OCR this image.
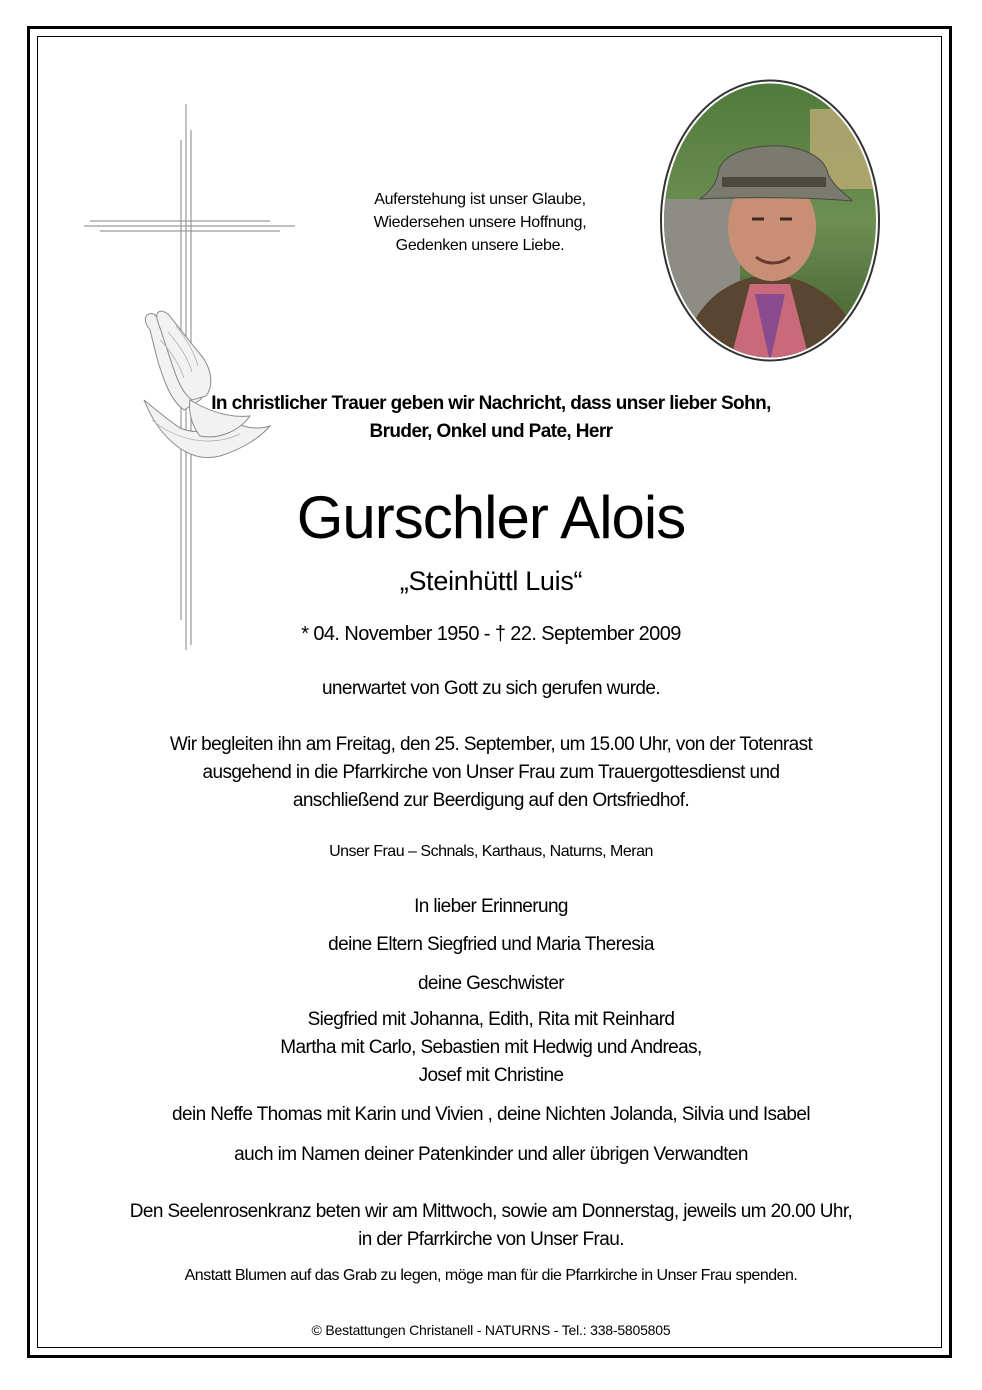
Auferstehung ist unser Glaube,
Wiedersehen unsere Hoffnung,
Gedenken unsere Liebe.
In christlicher Trauer geben wir Nachricht, dass unser lieber Sohn,
Bruder, Onkel und Pate, Herr
Gurschler Alois
„Steinhüttl Luis“
* 04. November 1950 - † 22. September 2009
unerwartet von Gott zu sich gerufen wurde.
Wir begleiten ihn am Freitag, den 25. September, um 15.00 Uhr, von der Totenrast
ausgehend in die Pfarrkirche von Unser Frau zum Trauergottesdienst und
anschließend zur Beerdigung auf den Ortsfriedhof.
Unser Frau – Schnals, Karthaus, Naturns, Meran
In lieber Erinnerung
deine Eltern Siegfried und Maria Theresia
deine Geschwister
Siegfried mit Johanna, Edith, Rita mit Reinhard
Martha mit Carlo, Sebastien mit Hedwig und Andreas,
Josef mit Christine
dein Neffe Thomas mit Karin und Vivien , deine Nichten Jolanda, Silvia und Isabel
auch im Namen deiner Patenkinder und aller übrigen Verwandten
Den Seelenrosenkranz beten wir am Mittwoch, sowie am Donnerstag, jeweils um 20.00 Uhr,
in der Pfarrkirche von Unser Frau.
Anstatt Blumen auf das Grab zu legen, möge man für die Pfarrkirche in Unser Frau spenden.
© Bestattungen Christanell - NATURNS - Tel.: 338-5805805
